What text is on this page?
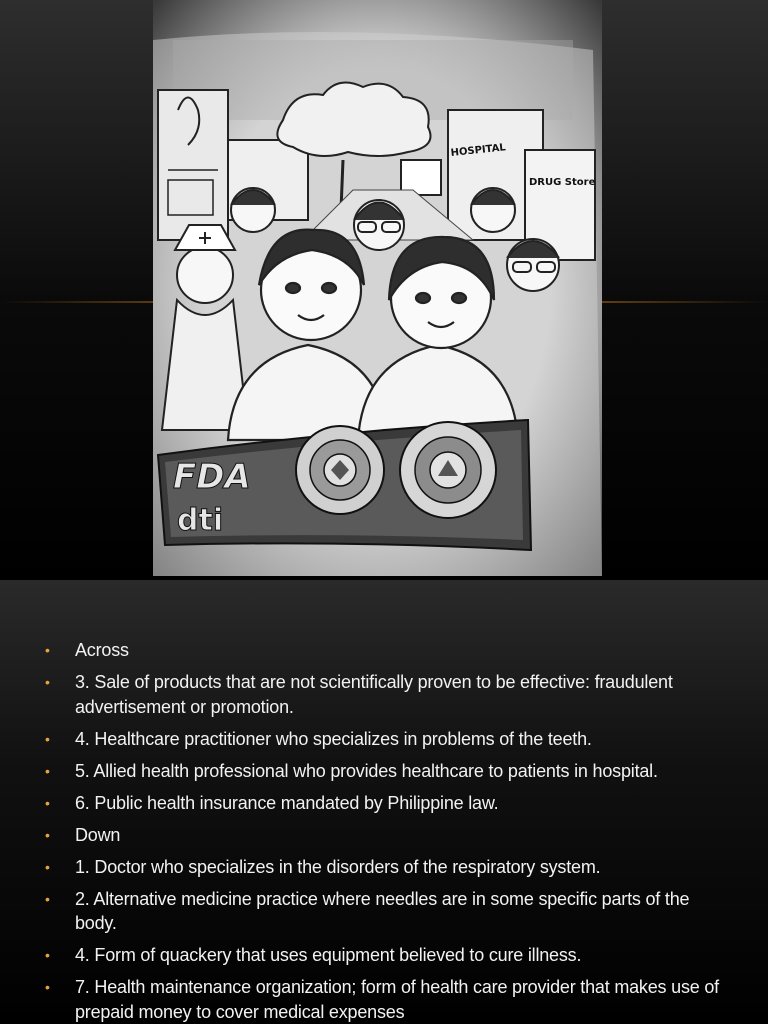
HOSPITAL
DRUG Store
FDA
dti
• Across
• 3. Sale of products that are not scientifically proven to be effective: fraudulent advertisement or promotion.
• 4. Healthcare practitioner who specializes in problems of the teeth.
• 5. Allied health professional who provides healthcare to patients in hospital.
• 6. Public health insurance mandated by Philippine law.
• Down
• 1. Doctor who specializes in the disorders of the respiratory system.
• 2. Alternative medicine practice where needles are in some specific parts of the body.
• 4. Form of quackery that uses equipment believed to cure illness.
• 7. Health maintenance organization; form of health care provider that makes use of prepaid money to cover medical expenses
